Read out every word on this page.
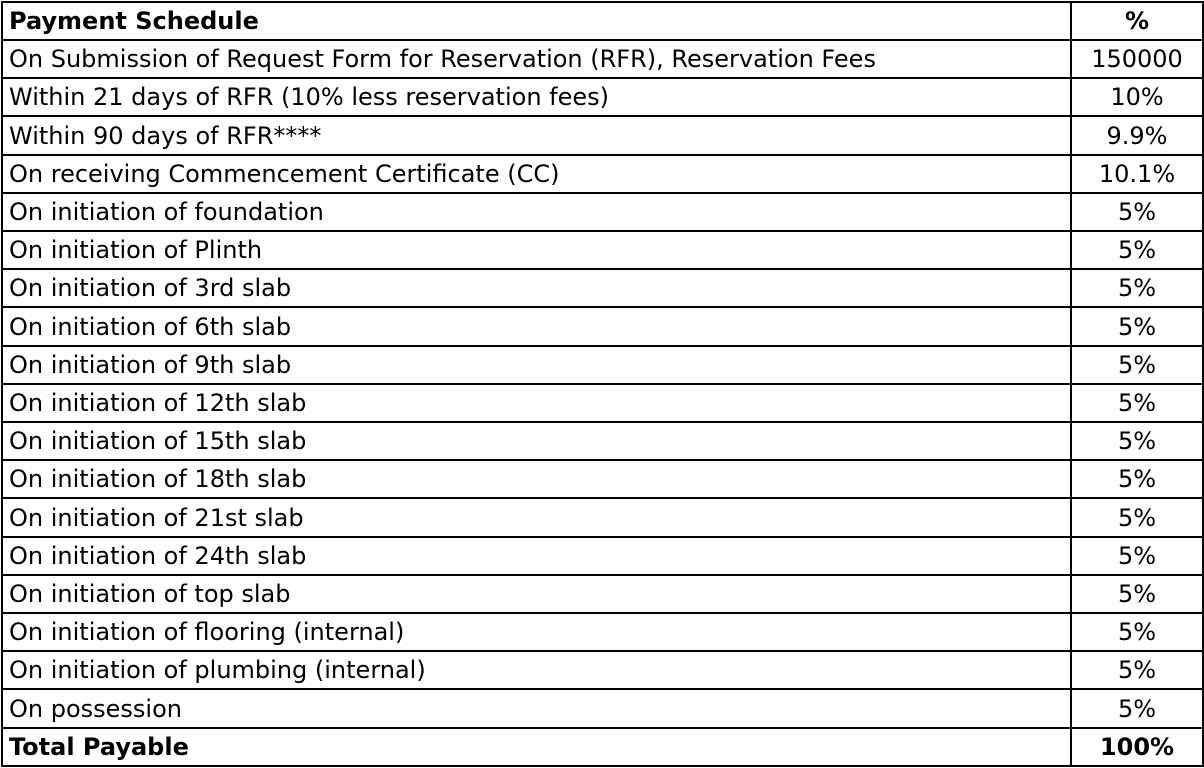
Payment Schedule	%
On Submission of Request Form for Reservation (RFR), Reservation Fees	150000
Within 21 days of RFR (10% less reservation fees)	10%
Within 90 days of RFR****	9.9%
On receiving Commencement Certificate (CC)	10.1%
On initiation of foundation	5%
On initiation of Plinth	5%
On initiation of 3rd slab	5%
On initiation of 6th slab	5%
On initiation of 9th slab	5%
On initiation of 12th slab	5%
On initiation of 15th slab	5%
On initiation of 18th slab	5%
On initiation of 21st slab	5%
On initiation of 24th slab	5%
On initiation of top slab	5%
On initiation of flooring (internal)	5%
On initiation of plumbing (internal)	5%
On possession	5%
Total Payable	100%
